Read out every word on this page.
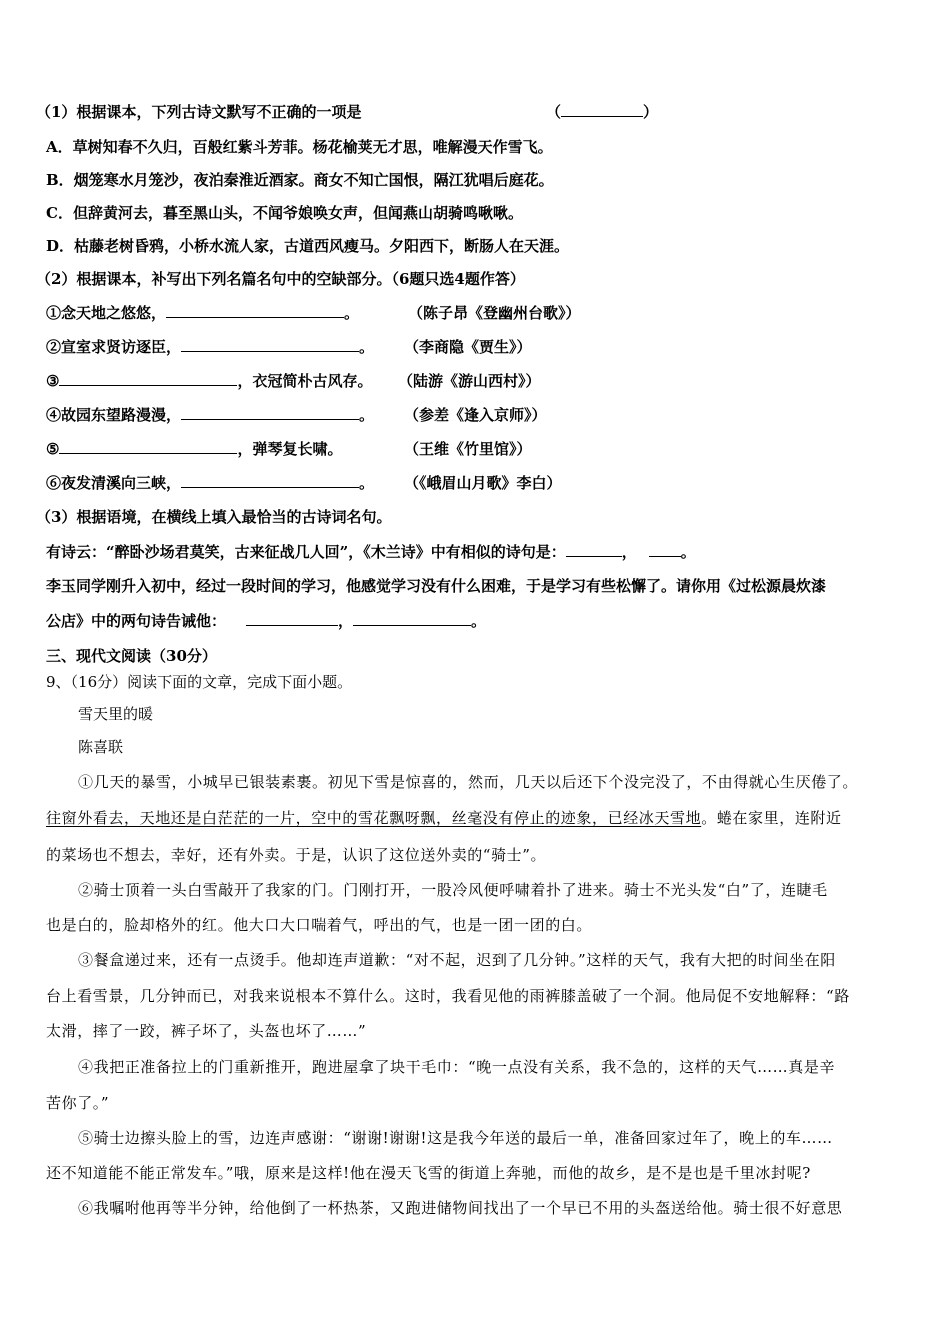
（1）根据课本，下列古诗文默写不正确的一项是	（	）
A．草树知春不久归，百般红紫斗芳菲。杨花榆荚无才思，唯解漫天作雪飞。
B．烟笼寒水月笼沙，夜泊秦淮近酒家。商女不知亡国恨，隔江犹唱后庭花。
C．但辞黄河去，暮至黑山头，不闻爷娘唤女声，但闻燕山胡骑鸣啾啾。
D．枯藤老树昏鸦，小桥水流人家，古道西风瘦马。夕阳西下，断肠人在天涯。
（2）根据课本，补写出下列名篇名句中的空缺部分。（6题只选4题作答）
①念天地之悠悠，	。	（陈子昂《登幽州台歌》）
②宣室求贤访逐臣，	。 （李商隐《贾生》）
③	，衣冠简朴古风存。 （陆游《游山西村》）
④故园东望路漫漫，	。 （参差《逢入京师》）
⑤	，弹琴复长啸。	（王维《竹里馆》）
⑥夜发清溪向三峡，	。 （《峨眉山月歌》李白）
（3）根据语境，在横线上填入最恰当的古诗词名句。
有诗云：“醉卧沙场君莫笑，古来征战几人回”，《木兰诗》中有相似的诗句是：	，	。
李玉同学刚升入初中，经过一段时间的学习，他感觉学习没有什么困难，于是学习有些松懈了。请你用《过松源晨炊漆
公店》中的两句诗告诫他：	，	。
三、现代文阅读（30分）
9、（16分）阅读下面的文章，完成下面小题。
雪天里的暖
陈喜联
①几天的暴雪，小城早已银装素裹。初见下雪是惊喜的，然而，几天以后还下个没完没了，不由得就心生厌倦了。
往窗外看去，天地还是白茫茫的一片，空中的雪花飘呀飘，丝毫没有停止的迹象，已经冰天雪地。蜷在家里，连附近
的菜场也不想去，幸好，还有外卖。于是，认识了这位送外卖的“骑士”。
②骑士顶着一头白雪敲开了我家的门。门刚打开，一股冷风便呼啸着扑了进来。骑士不光头发“白”了，连睫毛
也是白的，脸却格外的红。他大口大口喘着气，呼出的气，也是一团一团的白。
③餐盒递过来，还有一点烫手。他却连声道歉：“对不起，迟到了几分钟。”这样的天气，我有大把的时间坐在阳
台上看雪景，几分钟而已，对我来说根本不算什么。这时，我看见他的雨裤膝盖破了一个洞。他局促不安地解释：“路
太滑，摔了一跤，裤子坏了，头盔也坏了……”
④我把正准备拉上的门重新推开，跑进屋拿了块干毛巾：“晚一点没有关系，我不急的，这样的天气……真是辛
苦你了。”
⑤骑士边擦头脸上的雪，边连声感谢：“谢谢!谢谢!这是我今年送的最后一单，准备回家过年了，晚上的车……
还不知道能不能正常发车。”哦，原来是这样!他在漫天飞雪的街道上奔驰，而他的故乡，是不是也是千里冰封呢?
⑥我嘱咐他再等半分钟，给他倒了一杯热茶，又跑进储物间找出了一个早已不用的头盔送给他。骑士很不好意思
